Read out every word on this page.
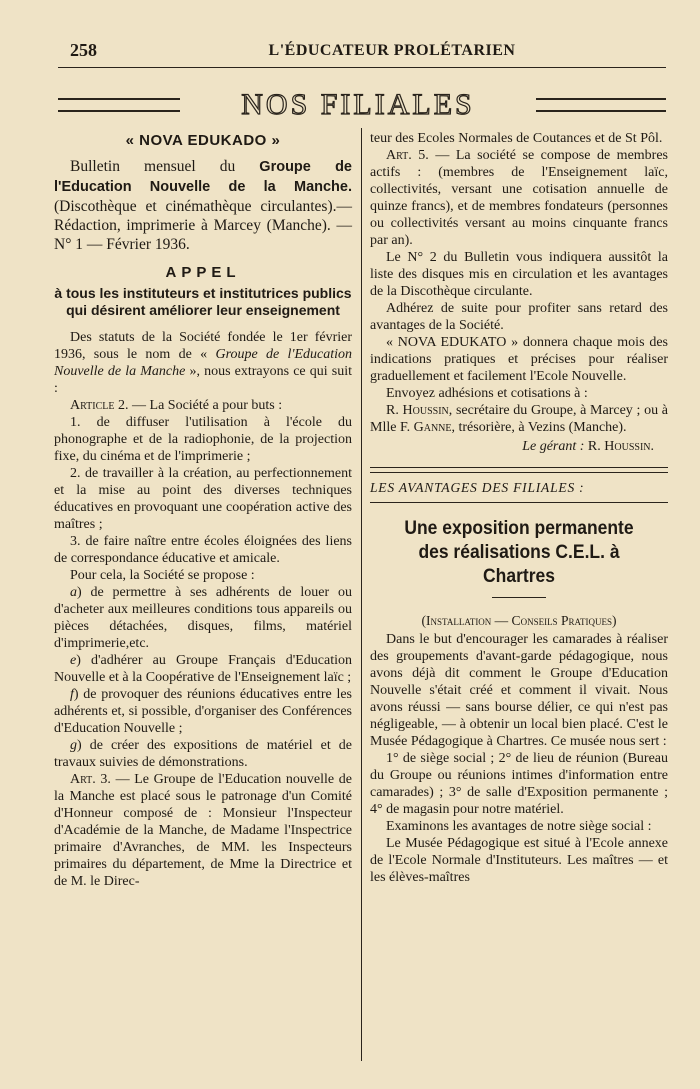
258	L'ÉDUCATEUR PROLÉTARIEN
NOS FILIALES
« NOVA EDUKADO »

Bulletin mensuel du Groupe de l'Education Nouvelle de la Manche. (Discothèque et cinémathèque circulantes).— Rédaction, imprimerie à Marcey (Manche). — N° 1 — Février 1936.

APPEL
à tous les instituteurs et institutrices publics qui désirent améliorer leur enseignement

Des statuts de la Société fondée le 1er février 1936, sous le nom de « Groupe de l'Education Nouvelle de la Manche », nous extrayons ce qui suit :

Article 2. — La Société a pour buts :

1. de diffuser l'utilisation à l'école du phonographe et de la radiophonie, de la projection fixe, du cinéma et de l'imprimerie ;

2. de travailler à la création, au perfectionnement et la mise au point des diverses techniques éducatives en provoquant une coopération active des maîtres ;

3. de faire naître entre écoles éloignées des liens de correspondance éducative et amicale.

Pour cela, la Société se propose :

a) de permettre à ses adhérents de louer ou d'acheter aux meilleures conditions tous appareils ou pièces détachées, disques, films, matériel d'imprimerie,etc.

e) d'adhérer au Groupe Français d'Education Nouvelle et à la Coopérative de l'Enseignement laïc ;

f) de provoquer des réunions éducatives entre les adhérents et, si possible, d'organiser des Conférences d'Education Nouvelle ;

g) de créer des expositions de matériel et de travaux suivies de démonstrations.

Art. 3. — Le Groupe de l'Education nouvelle de la Manche est placé sous le patronage d'un Comité d'Honneur composé de : Monsieur l'Inspecteur d'Académie de la Manche, de Madame l'Inspectrice primaire d'Avranches, de MM. les Inspecteurs primaires du département, de Mme la Directrice et de M. le Direc-

teur des Ecoles Normales de Coutances et de St Pôl.

Art. 5. — La société se compose de membres actifs : (membres de l'Enseignement laïc, collectivités, versant une cotisation annuelle de quinze francs), et de membres fondateurs (personnes ou collectivités versant au moins cinquante francs par an).

Le N° 2 du Bulletin vous indiquera aussitôt la liste des disques mis en circulation et les avantages de la Discothèque circulante.

Adhérez de suite pour profiter sans retard des avantages de la Société.

« NOVA EDUKATO » donnera chaque mois des indications pratiques et précises pour réaliser graduellement et facilement l'Ecole Nouvelle.

Envoyez adhésions et cotisations à :

R. Houssin, secrétaire du Groupe, à Marcey ; ou à Mlle F. Ganne, trésorière, à Vezins (Manche).

Le gérant : R. Houssin.

LES AVANTAGES DES FILIALES :
Une exposition permanente
des réalisations C.E.L. à Chartres
(Installation — Conseils Pratiques)

Dans le but d'encourager les camarades à réaliser des groupements d'avant-garde pédagogique, nous avons déjà dit comment le Groupe d'Education Nouvelle s'était créé et comment il vivait. Nous avons réussi — sans bourse délier, ce qui n'est pas négligeable, — à obtenir un local bien placé. C'est le Musée Pédagogique à Chartres. Ce musée nous sert :

1° de siège social ; 2° de lieu de réunion (Bureau du Groupe ou réunions intimes d'information entre camarades) ; 3° de salle d'Exposition permanente ; 4° de magasin pour notre matériel.

Examinons les avantages de notre siège social :

Le Musée Pédagogique est situé à l'Ecole annexe de l'Ecole Normale d'Instituteurs. Les maîtres — et les élèves-maîtres
